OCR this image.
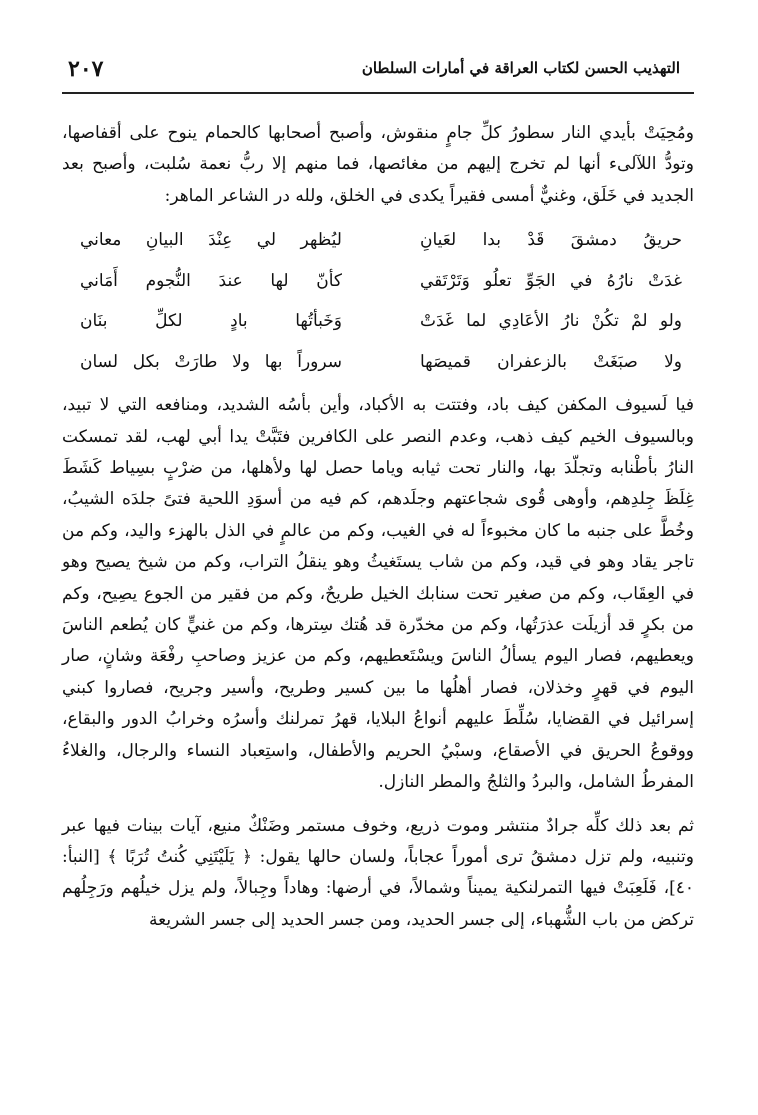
٢٠٧	التهذيب الحسن لكتاب العراقة في أمارات السلطان

ومُحِيَتْ بأيدي النار سطورُ كلِّ جامٍ منقوش، وأصبح أصحابها كالحمام ينوح على أقفاصها، وتودُّ اللآلىء أنها لم تخرج إليهم من مغائصها، فما منهم إلا ربُّ نعمة سُلبت، وأصبح بعد الجديد في خَلَق، وغنيٌّ أمسى فقيراً يكدى في الخلق، ولله در الشاعر الماهر:

حريقُ دمشقَ قَدْ بدا لعَيانِ
ليُظهر لي عِنْدَ البيانِ معاني
غدَتْ نارُهُ في الجَوِّ تعلُو وَتَرْتَقي
كأنّ لها عندَ النُّجوم أَمَاني
ولو لمْ تكُنْ نارُ الأعَادِي لما غَدَتْ
وَخَبأتُها بادٍ لكلِّ بنَان
ولا صبَغَتْ بالزعفران قميصَها
سروراً بها ولا طارَتْ بكل لسان

فيا لَسيوف المكفن كيف باد، وفتتت به الأكباد، وأين بأسُه الشديد، ومنافعه التي لا تبيد، وبالسيوف الخيم كيف ذهب، وعدم النصر على الكافرين فتَبَّتْ يدا أبي لهب، لقد تمسكت النارُ بأطْنابه وتجلّدَ بها، والنار تحت ثيابه وياما حصل لها ولأهلها، من ضرْبٍ بسِياط كَشَطَ غِلَظَ جِلدِهم، وأوهى قُوى شجاعتهم وجلَدهم، كم فيه من أسوَدِ اللحية فتىً جلدَه الشيبُ، وخُطَّ على جنبه ما كان مخبوءاً له في الغيب، وكم من عالمٍ في الذل بالهزء واليد، وكم من تاجر يقاد وهو في قيد، وكم من شاب يستَغيثُ وهو ينقلُ التراب، وكم من شيخ يصيح وهو في العِقَاب، وكم من صغير تحت سنابك الخيل طريحٌ، وكم من فقير من الجوع يصِيح، وكم من بكرٍ قد أزيلَت عذرَتُها، وكم من مخدّرة قد هُتك سِترها، وكم من غنيٍّ كان يُطعم الناسَ ويعطيهم، فصار اليوم يسألُ الناسَ ويسْتَعطيهم، وكم من عزيز وصاحبِ رفْعَة وشانٍ، صار اليوم في قهرٍ وخذلان، فصار أهلُها ما بين كسير وطريح، وأسير وجريح، فصاروا كبني إسرائيل في القضايا، سُلِّطَ عليهم أنواعُ البلايا، قهرُ تمرلنك وأسرُه وخرابُ الدور والبقاع، ووقوعُ الحريق في الأصقاع، وسبْيُ الحريم والأطفال، واستِعباد النساء والرجال، والغلاءُ المفرطُ الشامل، والبردُ والثلجُ والمطر النازل.

ثم بعد ذلك كلِّه جرادٌ منتشر وموت ذريع، وخوف مستمر وضَنْكٌ منيع، آيات بينات فيها عبر وتنبيه، ولم تزل دمشقُ ترى أموراً عجاباً، ولسان حالها يقول: ﴿ يَلَيْتَنِي كُنتُ تُرَبًا ﴾ [النبأ: ٤٠]، فَلَعِبَتْ فيها التمرلنكية يميناً وشمالاً، في أرضها: وهاداً وجِبالاً، ولم يزل خيلُهم ورَجِلُهم تركض من باب الشُّهباء، إلى جسر الحديد، ومن جسر الحديد إلى جسر الشريعة
